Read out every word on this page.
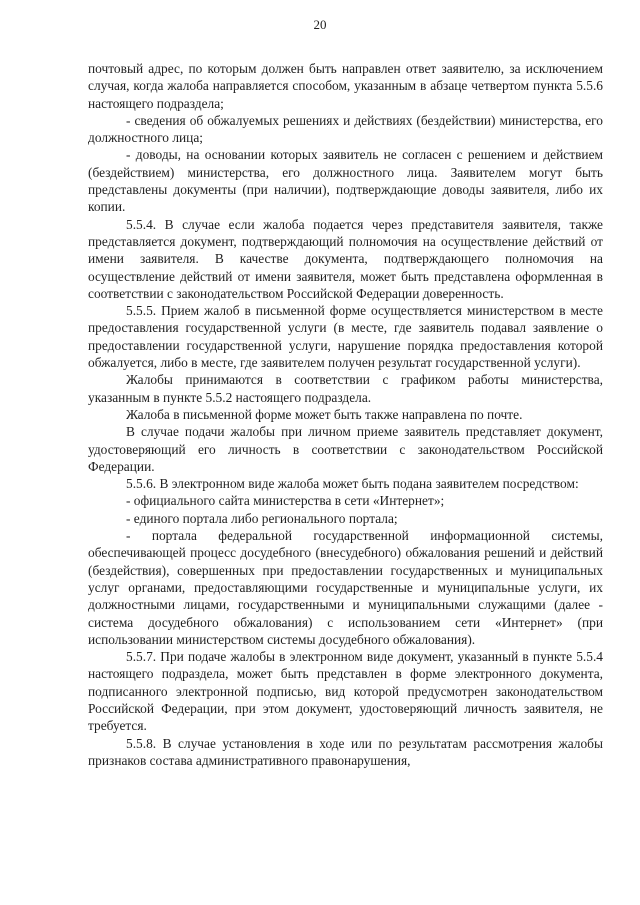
20

почтовый адрес, по которым должен быть направлен ответ заявителю, за исключением случая, когда жалоба направляется способом, указанным в абзаце четвертом пункта 5.5.6 настоящего подраздела;

- сведения об обжалуемых решениях и действиях (бездействии) министерства, его должностного лица;

- доводы, на основании которых заявитель не согласен с решением и действием (бездействием) министерства, его должностного лица. Заявителем могут быть представлены документы (при наличии), подтверждающие доводы заявителя, либо их копии.

5.5.4. В случае если жалоба подается через представителя заявителя, также представляется документ, подтверждающий полномочия на осуществление действий от имени заявителя. В качестве документа, подтверждающего полномочия на осуществление действий от имени заявителя, может быть представлена оформленная в соответствии с законодательством Российской Федерации доверенность.

5.5.5. Прием жалоб в письменной форме осуществляется министерством в месте предоставления государственной услуги (в месте, где заявитель подавал заявление о предоставлении государственной услуги, нарушение порядка предоставления которой обжалуется, либо в месте, где заявителем получен результат государственной услуги).

Жалобы принимаются в соответствии с графиком работы министерства, указанным в пункте 5.5.2 настоящего подраздела.

Жалоба в письменной форме может быть также направлена по почте.

В случае подачи жалобы при личном приеме заявитель представляет документ, удостоверяющий его личность в соответствии с законодательством Российской Федерации.

5.5.6. В электронном виде жалоба может быть подана заявителем посредством:

- официального сайта министерства в сети «Интернет»;

- единого портала либо регионального портала;

- портала федеральной государственной информационной системы, обеспечивающей процесс досудебного (внесудебного) обжалования решений и действий (бездействия), совершенных при предоставлении государственных и муниципальных услуг органами, предоставляющими государственные и муниципальные услуги, их должностными лицами, государственными и муниципальными служащими (далее - система досудебного обжалования) с использованием сети «Интернет» (при использовании министерством системы досудебного обжалования).

5.5.7. При подаче жалобы в электронном виде документ, указанный в пункте 5.5.4 настоящего подраздела, может быть представлен в форме электронного документа, подписанного электронной подписью, вид которой предусмотрен законодательством Российской Федерации, при этом документ, удостоверяющий личность заявителя, не требуется.

5.5.8. В случае установления в ходе или по результатам рассмотрения жалобы признаков состава административного правонарушения,
